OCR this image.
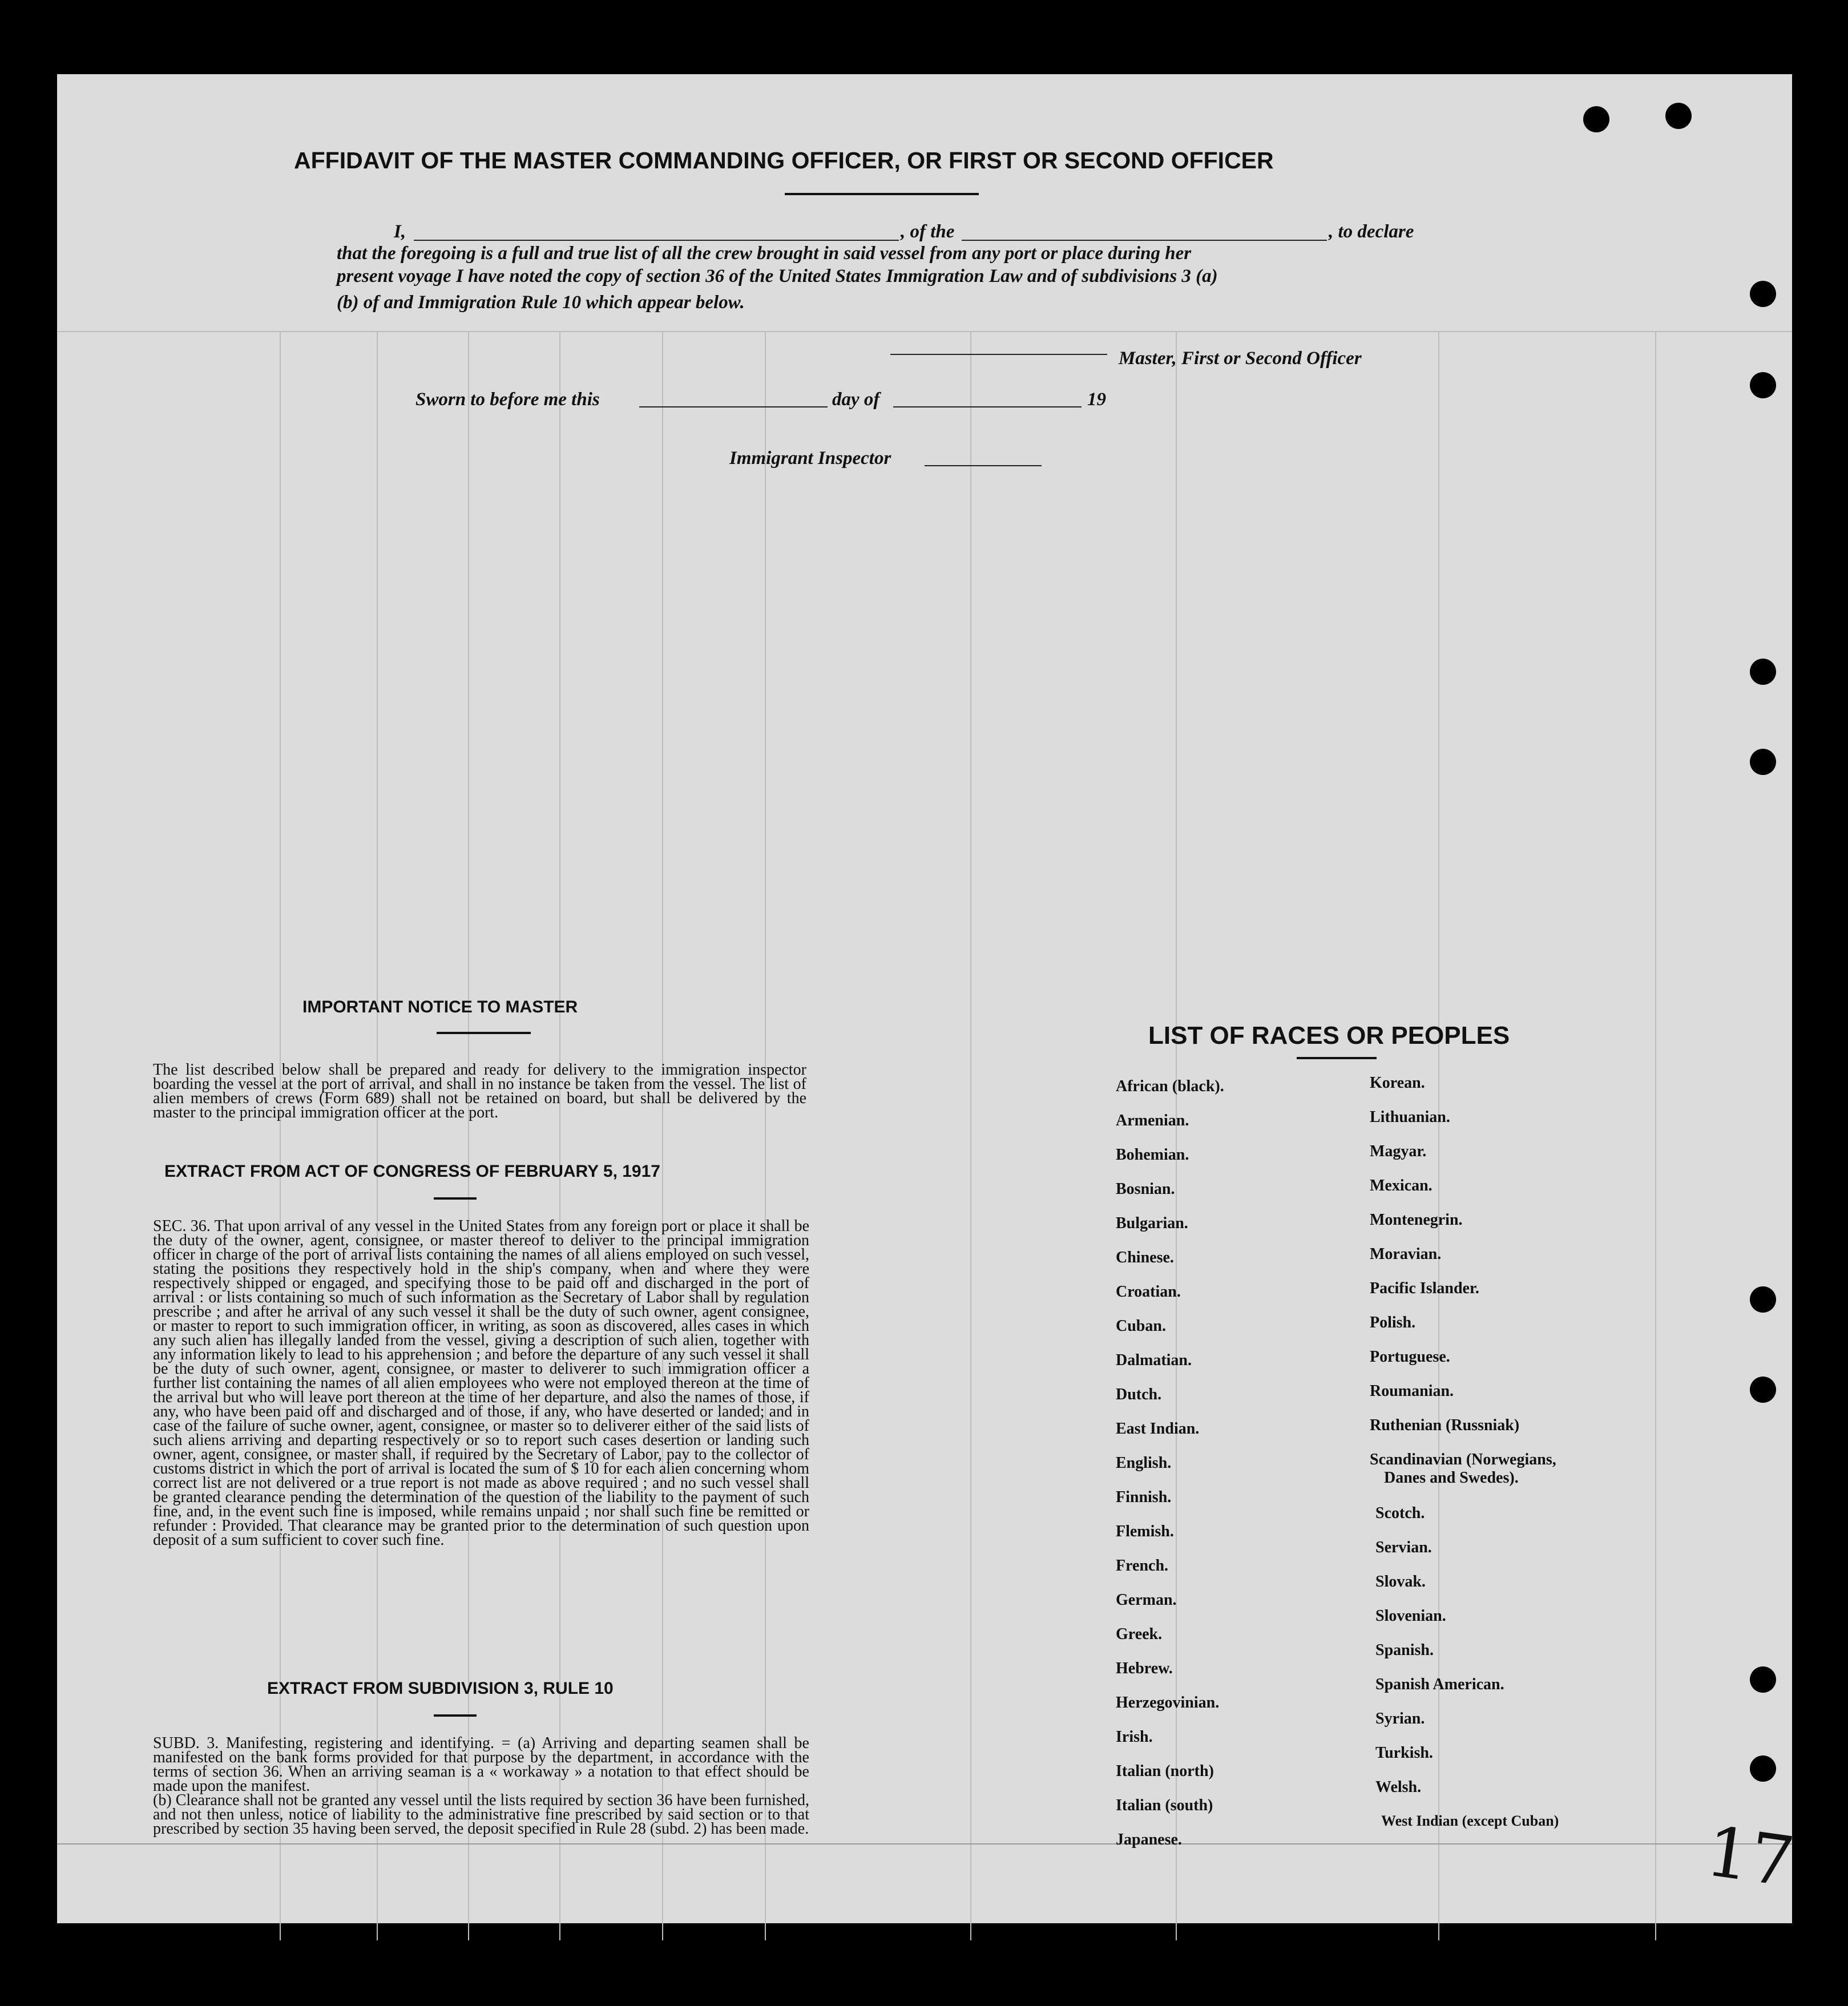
AFFIDAVIT OF THE MASTER COMMANDING OFFICER, OR FIRST OR SECOND OFFICER
I,	, of the	, to declare
that the foregoing is a full and true list of all the crew brought in said vessel from any port or place during her
present voyage I have noted the copy of section 36 of the United States Immigration Law and of subdivisions 3 (a)
(b) of and Immigration Rule 10 which appear below.
Master, First or Second Officer
Sworn to before me this	day of	19
Immigrant Inspector
IMPORTANT NOTICE TO MASTER
The list described below shall be prepared and ready for delivery to the immigration inspector boarding the vessel at the port of arrival, and shall in no instance be taken from the vessel. The list of alien members of crews (Form 689) shall not be retained on board, but shall be delivered by the master to the principal immigration officer at the port.
EXTRACT FROM ACT OF CONGRESS OF FEBRUARY 5, 1917
SEC. 36. That upon arrival of any vessel in the United States from any foreign port or place it shall be the duty of the owner, agent, consignee, or master thereof to deliver to the principal immigration officer in charge of the port of arrival lists containing the names of all aliens employed on such vessel, stating the positions they respectively hold in the ship's company, when and where they were respectively shipped or engaged, and specifying those to be paid off and discharged in the port of arrival : or lists containing so much of such information as the Secretary of Labor shall by regulation prescribe ; and after he arrival of any such vessel it shall be the duty of such owner, agent consignee, or master to report to such immigration officer, in writing, as soon as discovered, alles cases in which any such alien has illegally landed from the vessel, giving a description of such alien, together with any information likely to lead to his apprehension ; and before the departure of any such vessel it shall be the duty of such owner, agent, consignee, or master to deliverer to such immigration officer a further list containing the names of all alien employees who were not employed thereon at the time of the arrival but who will leave port thereon at the time of her departure, and also the names of those, if any, who have been paid off and discharged and of those, if any, who have deserted or landed; and in case of the failure of suche owner, agent, consignee, or master so to deliverer either of the said lists of such aliens arriving and departing respectively or so to report such cases desertion or landing such owner, agent, consignee, or master shall, if required by the Secretary of Labor, pay to the collector of customs district in which the port of arrival is located the sum of $ 10 for each alien concerning whom correct list are not delivered or a true report is not made as above required ; and no such vessel shall be granted clearance pending the determination of the question of the liability to the payment of such fine, and, in the event such fine is imposed, while remains unpaid ; nor shall such fine be remitted or refunder : Provided. That clearance may be granted prior to the determination of such question upon deposit of a sum sufficient to cover such fine.
EXTRACT FROM SUBDIVISION 3, RULE 10
SUBD. 3. Manifesting, registering and identifying. = (a) Arriving and departing seamen shall be manifested on the bank forms provided for that purpose by the department, in accordance with the terms of section 36. When an arriving seaman is a « workaway » a notation to that effect should be made upon the manifest.
(b) Clearance shall not be granted any vessel until the lists required by section 36 have been furnished, and not then unless, notice of liability to the administrative fine prescribed by said section or to that prescribed by section 35 having been served, the deposit specified in Rule 28 (subd. 2) has been made.
LIST OF RACES OR PEOPLES
African (black).
Armenian.
Bohemian.
Bosnian.
Bulgarian.
Chinese.
Croatian.
Cuban.
Dalmatian.
Dutch.
East Indian.
English.
Finnish.
Flemish.
French.
German.
Greek.
Hebrew.
Herzegovinian.
Irish.
Italian (north)
Italian (south)
Japanese.
Korean.
Lithuanian.
Magyar.
Mexican.
Montenegrin.
Moravian.
Pacific Islander.
Polish.
Portuguese.
Roumanian.
Ruthenian (Russniak)
Scandinavian (Norwegians,
Danes and Swedes).
Scotch.
Servian.
Slovak.
Slovenian.
Spanish.
Spanish American.
Syrian.
Turkish.
Welsh.
West Indian (except Cuban) 17
